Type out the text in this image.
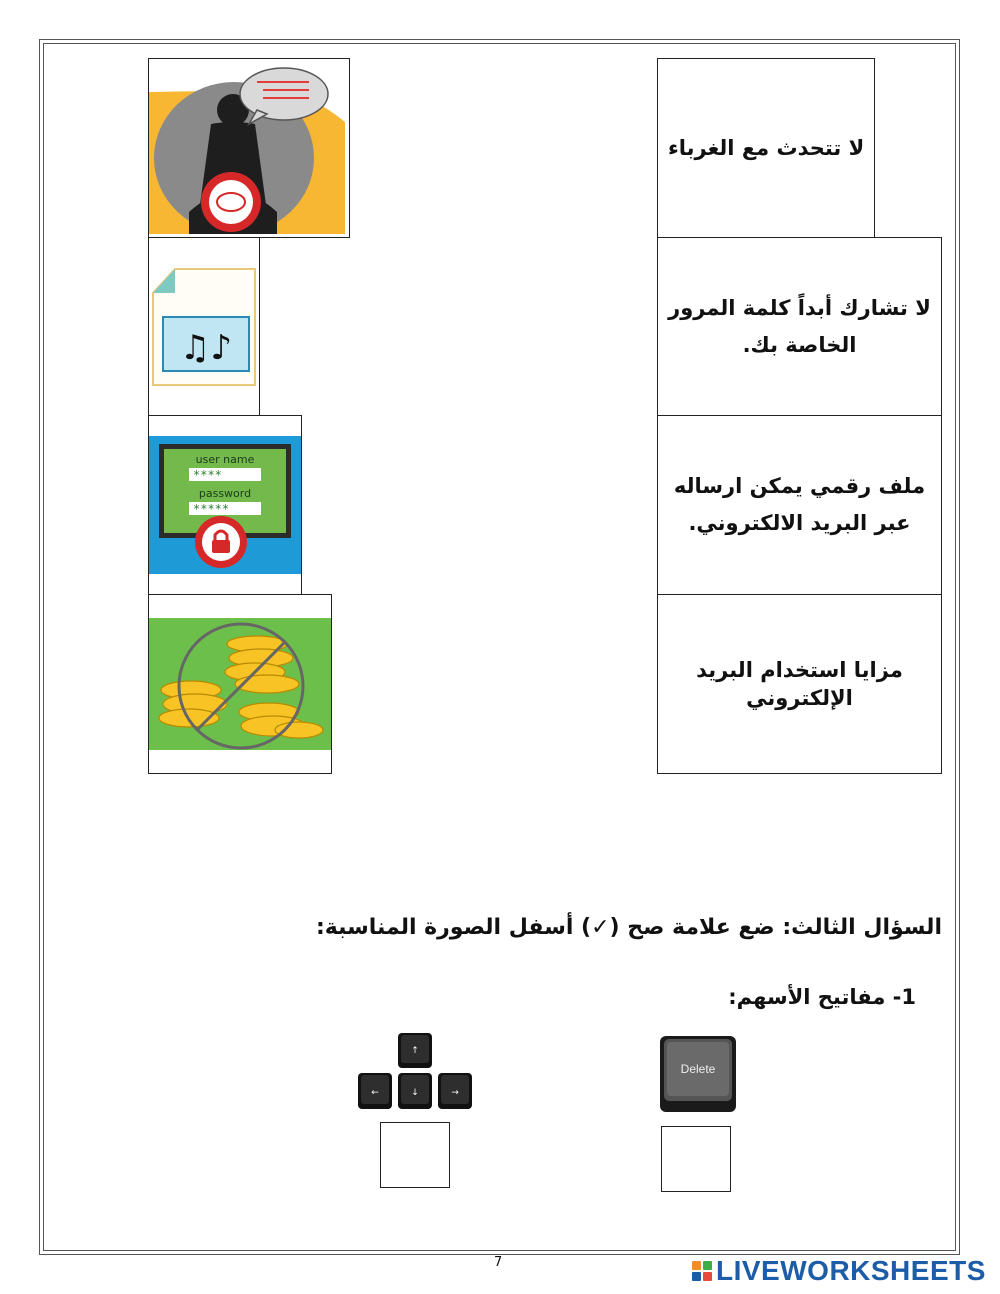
♫♪
user name
****
password
*****
لا تتحدث مع الغرباء
لا تشارك أبداً كلمة المرور الخاصة بك.
ملف رقمي يمكن ارساله عبر البريد الالكتروني.
مزايا استخدام البريد الإلكتروني
السؤال الثالث: ضع علامة صح (✓) أسفل الصورة المناسبة:
1- مفاتيح الأسهم:
↑
←	↓	→
Delete
7	LIVEWORKSHEETS
